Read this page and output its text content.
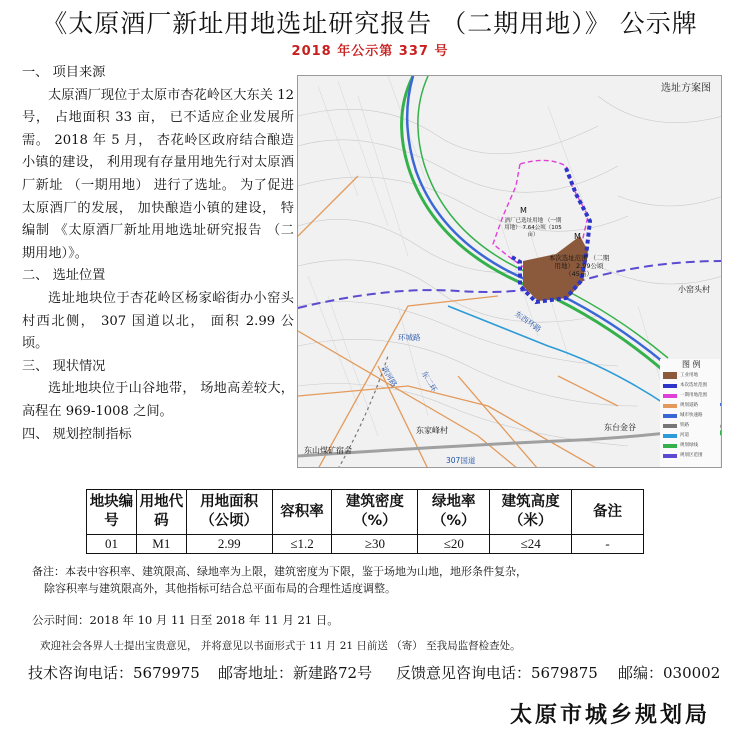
《太原酒厂新址用地选址研究报告 （二期用地）》 公示牌
2018 年公示第 337 号

一、 项目来源

太原酒厂现位于太原市杏花岭区大东关 12 号， 占地面积 33 亩， 已不适应企业发展所需。 2018 年 5 月， 杏花岭区政府结合酿造小镇的建设， 利用现有存量用地先行对太原酒厂新址 （一期用地） 进行了选址。 为了促进太原酒厂的发展， 加快酿造小镇的建设， 特编制 《太原酒厂新址用地选址研究报告 （二期用地）》。

二、 选址位置

选址地块位于杏花岭区杨家峪街办小窑头村西北侧， 307 国道以北， 面积 2.99 公顷。

三、 现状情况

选址地块位于山谷地带， 场地高差较大， 高程在 969-1008 之间。

四、 规划控制指标

选址方案图
小窑头村
东台金谷
东山煤矿宿舍
东家峰村
307国道
东西环路
环城路
滨河路	东二环
M
M
酒厂已选址用地 （一期用地） 7.64公顷（105亩）
本次选址范围 （二期用地） 2.99公顷（45亩）
图 例
工业用地
本次选址范围
一期用地范围
规划道路
城市快速路
铁路
河道
规划绿线
规划区范围
地块编号	用地代码	用地面积（公顷）	容积率	建筑密度（%）	绿地率（%）	建筑高度（米）	备注
01	M1	2.99	≤1.2	≥30	≤20	≤24	-

备注：本表中容积率、建筑限高、绿地率为上限，建筑密度为下限，鉴于场地为山地，地形条件复杂，

除容积率与建筑限高外，其他指标可结合总平面布局的合理性适度调整。

公示时间：2018 年 10 月 11 日至 2018 年 11 月 21 日。
欢迎社会各界人士提出宝贵意见， 并将意见以书面形式于 11 月 21 日前送 （寄） 至我局监督检查处。
技术咨询电话：5679975 邮寄地址：新建路72号 反馈意见咨询电话：5679875 邮编：030002
太原市城乡规划局
